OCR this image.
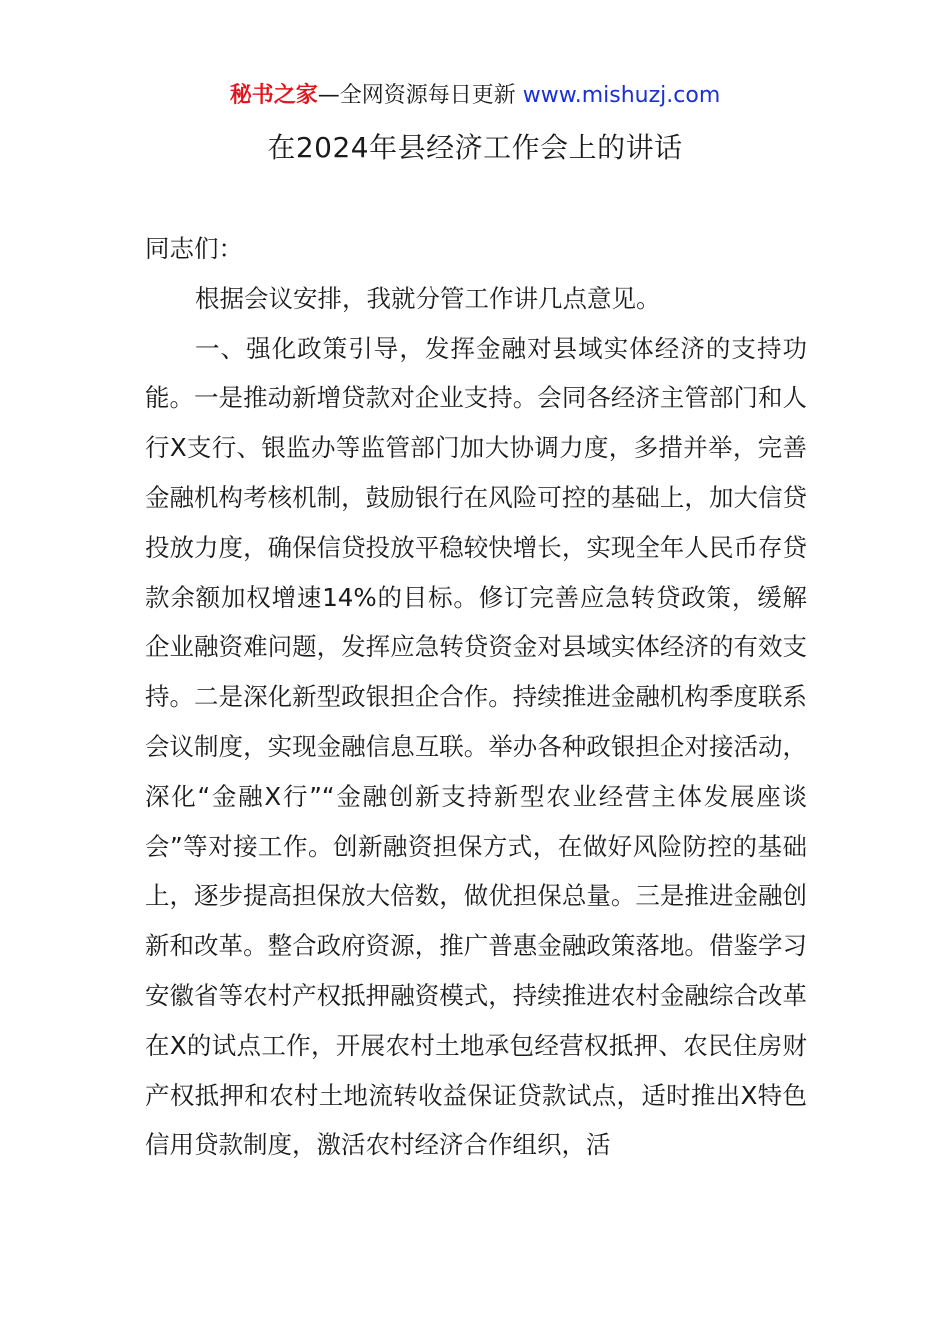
秘书之家—全网资源每日更新 www.mishuzj.com
在2024年县经济工作会上的讲话

同志们：

根据会议安排，我就分管工作讲几点意见。

一、强化政策引导，发挥金融对县域实体经济的支持功能。一是推动新增贷款对企业支持。会同各经济主管部门和人行X支行、银监办等监管部门加大协调力度，多措并举，完善金融机构考核机制，鼓励银行在风险可控的基础上，加大信贷投放力度，确保信贷投放平稳较快增长，实现全年人民币存贷款余额加权增速14%的目标。修订完善应急转贷政策，缓解企业融资难问题，发挥应急转贷资金对县域实体经济的有效支持。二是深化新型政银担企合作。持续推进金融机构季度联系会议制度，实现金融信息互联。举办各种政银担企对接活动，深化“金融X行”“金融创新支持新型农业经营主体发展座谈会”等对接工作。创新融资担保方式，在做好风险防控的基础上，逐步提高担保放大倍数，做优担保总量。三是推进金融创新和改革。整合政府资源，推广普惠金融政策落地。借鉴学习安徽省等农村产权抵押融资模式，持续推进农村金融综合改革在X的试点工作，开展农村土地承包经营权抵押、农民住房财产权抵押和农村土地流转收益保证贷款试点，适时推出X特色信用贷款制度，激活农村经济合作组织，活
